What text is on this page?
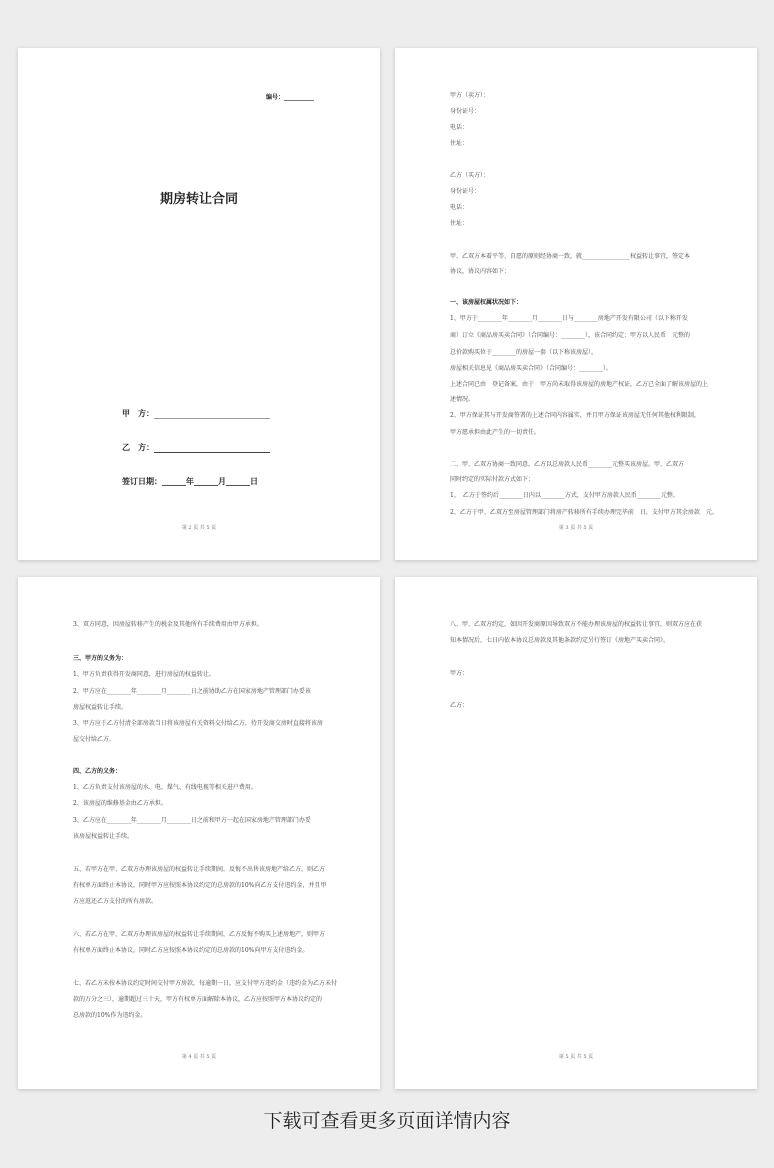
编号：__________
期房转让合同
甲　方：
乙　方：
签订日期：______年______月______日
第 2 页 共 5 页
甲方（卖方）：
身份证号：
电话：
住址：
乙方（买方）：
身份证号：
电话：
住址：
甲、乙双方本着平等、自愿的原则经协商一致，就________________权益转让事宜，签定本
协议，协议内容如下：
一、该房屋权属状况如下：
1、甲方于________年________月________日与________房地产开发有限公司（以下称开发
商）订立《商品房买卖合同》（合同编号：________），该合同约定：甲方以人民币　元整的
总价款购买位于________的房屋一套（以下称该房屋）。
房屋相关信息见《商品房买卖合同》（合同编号：________）。
上述合同已由　登记备案，由于　甲方尚未取得该房屋的房地产权证，乙方已全面了解该房屋的上
述情况。
2、甲方保证其与开发商签署的上述合同内容属实，并且甲方保证该房屋无任何其他权利限制，
甲方愿承担由此产生的一切责任。
二、甲、乙双方协商一致同意，乙方以总房款人民币________元整买该房屋。甲、乙双方
同时约定的实际付款方式如下：
1、　乙方于签约后________日内以________方式，支付甲方房款人民币________元整。
2、乙方于甲、乙双方至房屋管理部门将房产转移所有手续办理完毕前　日，支付甲方其余房款　元。
第 3 页 共 5 页
3、双方同意，因房屋转移产生的税金及其他所有手续费用由甲方承担。
三、甲方的义务为：
1、甲方负责获得开发商同意，进行房屋的权益转让。
2、甲方应在________年________月________日之前协助乙方在国家房地产管理部门办妥该
房屋权益转让手续。
3、甲方应于乙方付清全部房款当日将该房屋有关资料交付给乙方，待开发商交房时直接将该房
屋交付给乙方。
四、乙方的义务：
1、乙方负责支付该房屋的水、电、煤气、有线电视等相关进户费用。
2、该房屋的维修基金由乙方承担。
3、乙方应在________年________月________日之前和甲方一起在国家房地产管理部门办妥
该房屋权益转让手续。
五、若甲方在甲、乙双方办理该房屋的权益转让手续期间，反悔不出售该房地产给乙方，则乙方
有权单方面终止本协议，同时甲方应按照本协议约定的总房款的10%向乙方支付违约金，并且甲
方应返还乙方支付的所有房款。
六、若乙方在甲、乙双方办理该房屋的权益转让手续期间，乙方反悔不购买上述房地产，则甲方
有权单方面终止本协议，同时乙方应按照本协议约定的总房款的10%向甲方支付违约金。
七、若乙方未按本协议约定时间交付甲方房款，每逾期一日，应支付甲方违约金（违约金为乙方未付
款的万分之三），逾期超过三十天，甲方有权单方面解除本协议，乙方应按照甲方本协议约定的
总房款的10%作为违约金。
第 4 页 共 5 页
八、甲、乙双方约定，如因开发商原因导致双方不能办理该房屋的权益转让事宜，则双方应在获
知本情况后，七日内依本协议总房款及其他条款约定另行签订《房地产买卖合同》。
甲方：
乙方：
第 5 页 共 5 页
下载可查看更多页面详情内容
